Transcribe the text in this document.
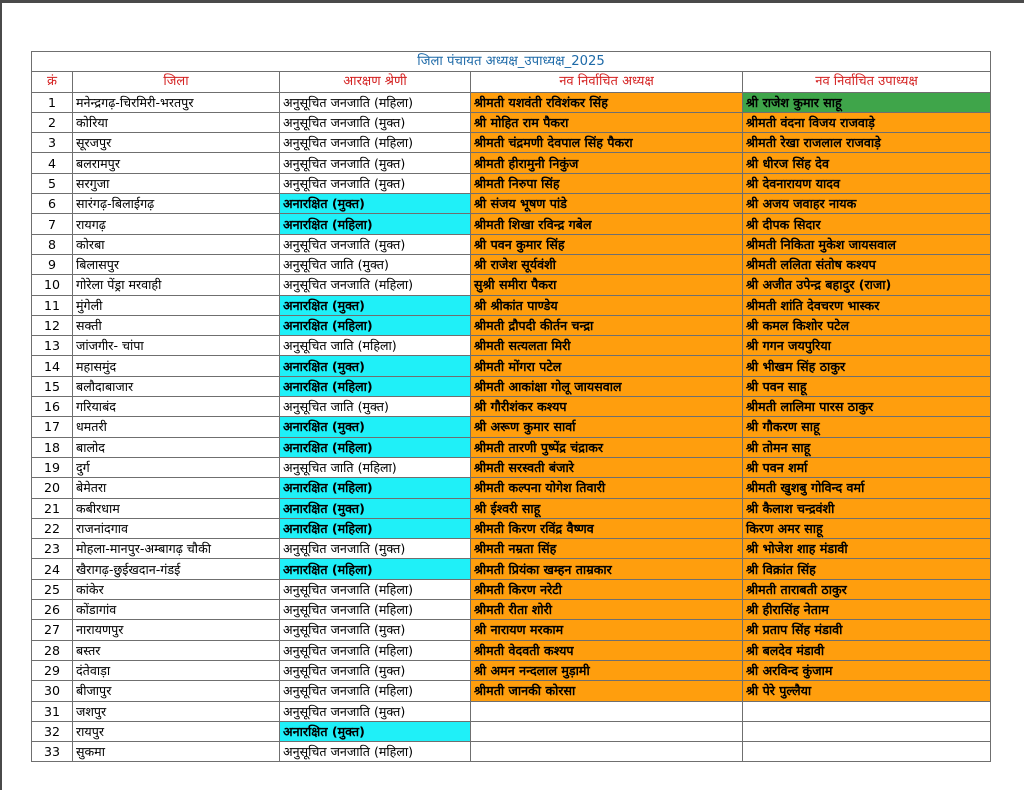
जिला पंचायत अध्यक्ष_उपाध्यक्ष_2025				
क्रं	जिला	आरक्षण श्रेणी	नव निर्वाचित अध्यक्ष	नव निर्वाचित उपाध्यक्ष
1	मनेन्द्रगढ़-चिरमिरी-भरतपुर	अनुसूचित जनजाति (महिला)	श्रीमती यशवंती रविशंकर सिंह	श्री राजेश कुमार साहू
2	कोरिया	अनुसूचित जनजाति (मुक्त)	श्री मोहित राम पैकरा	श्रीमती वंदना विजय राजवाड़े
3	सूरजपुर	अनुसूचित जनजाति (महिला)	श्रीमती चंद्रमणी देवपाल सिंह पैकरा	श्रीमती रेखा राजलाल राजवाड़े
4	बलरामपुर	अनुसूचित जनजाति (मुक्त)	श्रीमती हीरामुनी निकुंज	श्री धीरज सिंह देव
5	सरगुजा	अनुसूचित जनजाति (मुक्त)	श्रीमती निरुपा सिंह	श्री देवनारायण यादव
6	सारंगढ़-बिलाईगढ़	अनारक्षित (मुक्त)	श्री संजय भूषण पांडे	श्री अजय जवाहर नायक
7	रायगढ़	अनारक्षित (महिला)	श्रीमती शिखा रविन्द्र गबेल	श्री दीपक सिदार
8	कोरबा	अनुसूचित जनजाति (मुक्त)	श्री पवन कुमार सिंह	श्रीमती निकिता मुकेश जायसवाल
9	बिलासपुर	अनुसूचित जाति (मुक्त)	श्री राजेश सूर्यवंशी	श्रीमती ललिता संतोष कश्यप
10	गोरेला पेंड्रा मरवाही	अनुसूचित जनजाति (महिला)	सुश्री समीरा पैकरा	श्री अजीत उपेन्द्र बहादुर (राजा)
11	मुंगेली	अनारक्षित (मुक्त)	श्री श्रीकांत पाण्डेय	श्रीमती शांति देवचरण भास्कर
12	सक्ती	अनारक्षित (महिला)	श्रीमती द्रौपदी कीर्तन चन्द्रा	श्री कमल किशोर पटेल
13	जांजगीर- चांपा	अनुसूचित जाति (महिला)	श्रीमती सत्यलता मिरी	श्री गगन जयपुरिया
14	महासमुंद	अनारक्षित (मुक्त)	श्रीमती मोंगरा पटेल	श्री भीखम सिंह ठाकुर
15	बलौदाबाजार	अनारक्षित (महिला)	श्रीमती आकांक्षा गोलू जायसवाल	श्री पवन साहू
16	गरियाबंद	अनुसूचित जाति (मुक्त)	श्री गौरीशंकर कश्यप	श्रीमती लालिमा पारस ठाकुर
17	धमतरी	अनारक्षित (मुक्त)	श्री अरूण कुमार सार्वा	श्री गौकरण साहू
18	बालोद	अनारक्षित (महिला)	श्रीमती तारणी पुष्पेंद्र चंद्राकर	श्री तोमन साहू
19	दुर्ग	अनुसूचित जाति (महिला)	श्रीमती सरस्वती बंजारे	श्री पवन शर्मा
20	बेमेतरा	अनारक्षित (महिला)	श्रीमती कल्पना योगेश तिवारी	श्रीमती खुशबु गोविन्द वर्मा
21	कबीरधाम	अनारक्षित (मुक्त)	श्री ईश्वरी साहू	श्री कैलाश चन्द्रवंशी
22	राजनांदगाव	अनारक्षित (महिला)	श्रीमती किरण रविंद्र वैष्णव	किरण अमर साहू
23	मोहला-मानपुर-अम्बागढ़ चौकी	अनुसूचित जनजाति (मुक्त)	श्रीमती नम्रता सिंह	श्री भोजेश शाह मंडावी
24	खैरागढ़-छुईखदान-गंडई	अनारक्षित (महिला)	श्रीमती प्रियंका खम्हन ताम्रकार	श्री विक्रांत सिंह
25	कांकेर	अनुसूचित जनजाति (महिला)	श्रीमती किरण नरेटी	श्रीमती ताराबती ठाकुर
26	कोंडागांव	अनुसूचित जनजाति (महिला)	श्रीमती रीता शोरी	श्री हीरासिंह नेताम
27	नारायणपुर	अनुसूचित जनजाति (मुक्त)	श्री नारायण मरकाम	श्री प्रताप सिंह मंडावी
28	बस्तर	अनुसूचित जनजाति (महिला)	श्रीमती वेदवती कश्यप	श्री बलदेव मंडावी
29	दंतेवाड़ा	अनुसूचित जनजाति (मुक्त)	श्री अमन नन्दलाल मुड़ामी	श्री अरविन्द कुंजाम
30	बीजापुर	अनुसूचित जनजाति (महिला)	श्रीमती जानकी कोरसा	श्री पेरे पुल्लैया
31	जशपुर	अनुसूचित जनजाति (मुक्त)		
32	रायपुर	अनारक्षित (मुक्त)		
33	सुकमा	अनुसूचित जनजाति (महिला)		
